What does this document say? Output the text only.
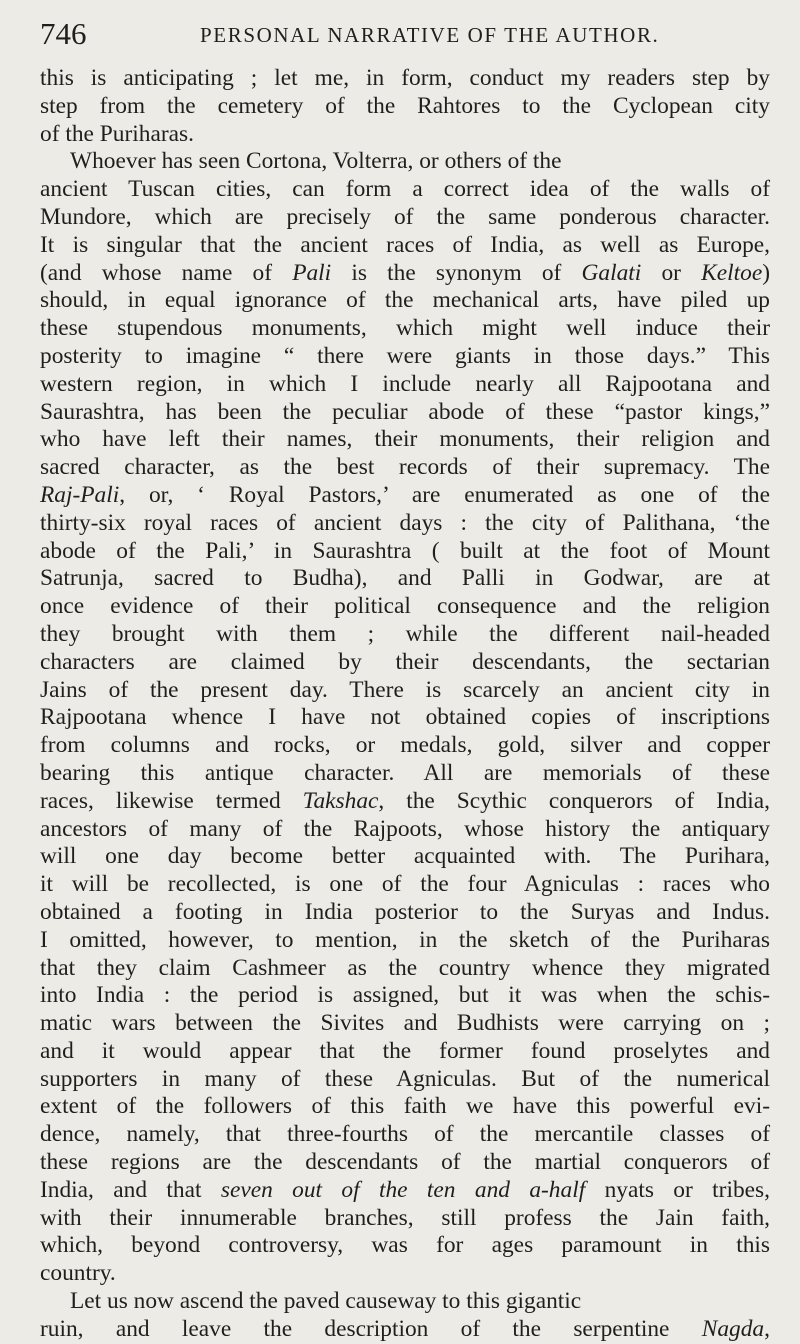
746	PERSONAL NARRATIVE OF THE AUTHOR.
this is anticipating ; let me, in form, conduct my readers step by
step from the cemetery of the Rahtores to the Cyclopean city
of the Puriharas.
Whoever has seen Cortona, Volterra, or others of the
ancient Tuscan cities, can form a correct idea of the walls of
Mundore, which are precisely of the same ponderous character.
It is singular that the ancient races of India, as well as Europe,
(and whose name of Pali is the synonym of Galati or Keltoe)
should, in equal ignorance of the mechanical arts, have piled up
these stupendous monuments, which might well induce their
posterity to imagine “ there were giants in those days.” This
western region, in which I include nearly all Rajpootana and
Saurashtra, has been the peculiar abode of these “pastor kings,”
who have left their names, their monuments, their religion and
sacred character, as the best records of their supremacy. The
Raj-Pali, or, ‘ Royal Pastors,’ are enumerated as one of the
thirty-six royal races of ancient days : the city of Palithana, ‘the
abode of the Pali,’ in Saurashtra ( built at the foot of Mount
Satrunja, sacred to Budha), and Palli in Godwar, are at
once evidence of their political consequence and the religion
they brought with them ; while the different nail-headed
characters are claimed by their descendants, the sectarian
Jains of the present day. There is scarcely an ancient city in
Rajpootana whence I have not obtained copies of inscriptions
from columns and rocks, or medals, gold, silver and copper
bearing this antique character. All are memorials of these
races, likewise termed Takshac, the Scythic conquerors of India,
ancestors of many of the Rajpoots, whose history the antiquary
will one day become better acquainted with. The Purihara,
it will be recollected, is one of the four Agniculas : races who
obtained a footing in India posterior to the Suryas and Indus.
I omitted, however, to mention, in the sketch of the Puriharas
that they claim Cashmeer as the country whence they migrated
into India : the period is assigned, but it was when the schis-
matic wars between the Sivites and Budhists were carrying on ;
and it would appear that the former found proselytes and
supporters in many of these Agniculas. But of the numerical
extent of the followers of this faith we have this powerful evi-
dence, namely, that three-fourths of the mercantile classes of
these regions are the descendants of the martial conquerors of
India, and that seven out of the ten and a-half nyats or tribes,
with their innumerable branches, still profess the Jain faith,
which, beyond controversy, was for ages paramount in this
country.
Let us now ascend the paved causeway to this gigantic
ruin, and leave the description of the serpentine Nagda,
